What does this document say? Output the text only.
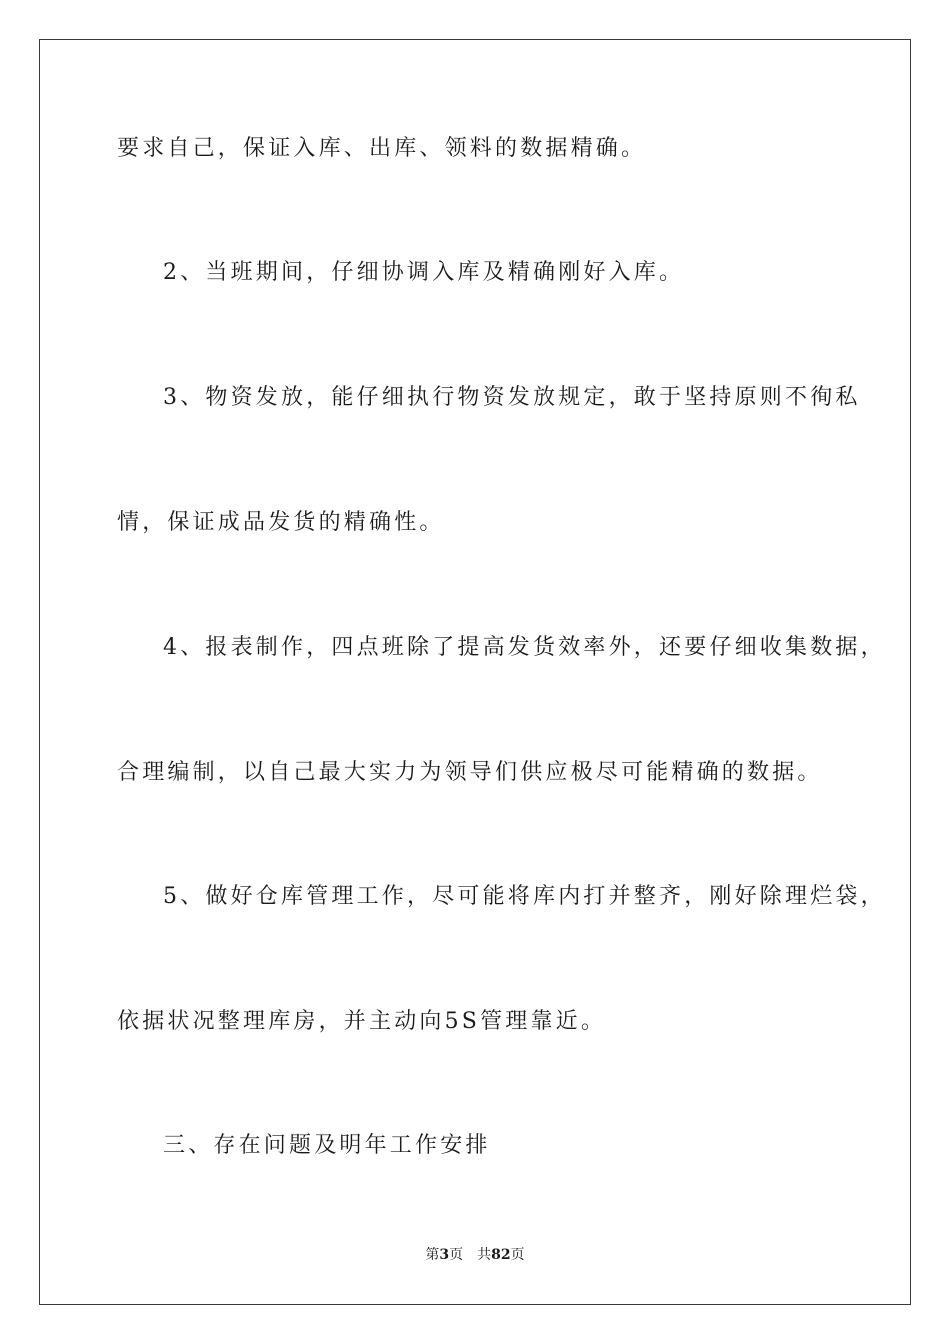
要求自己，保证入库、出库、领料的数据精确。
2、当班期间，仔细协调入库及精确刚好入库。
3、物资发放，能仔细执行物资发放规定，敢于坚持原则不徇私
情，保证成品发货的精确性。
4、报表制作，四点班除了提高发货效率外，还要仔细收集数据，
合理编制，以自己最大实力为领导们供应极尽可能精确的数据。
5、做好仓库管理工作，尽可能将库内打并整齐，刚好除理烂袋，
依据状况整理库房，并主动向5S管理靠近。
三、存在问题及明年工作安排
第3页 共82页
